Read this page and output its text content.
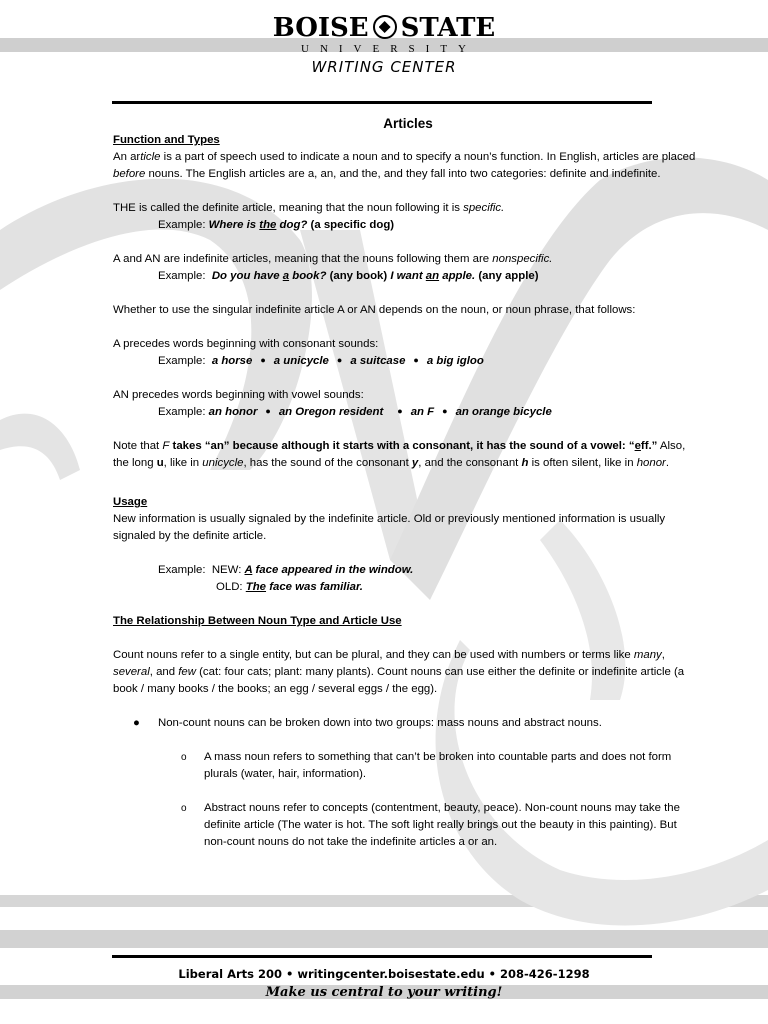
BOISE STATE
UNIVERSITY
WRITING CENTER

Articles

Function and Types

An article is a part of speech used to indicate a noun and to specify a noun’s function. In English, articles are placed before nouns. The English articles are a, an, and the, and they fall into two categories: definite and indefinite.

THE is called the definite article, meaning that the noun following it is specific.

Example: Where is the dog? (a specific dog)

A and AN are indefinite articles, meaning that the nouns following them are nonspecific.

Example: Do you have a book? (any book) I want an apple. (any apple)

Whether to use the singular indefinite article A or AN depends on the noun, or noun phrase, that follows:

A precedes words beginning with consonant sounds:

Example: a horse ● a unicycle ● a suitcase ● a big igloo

AN precedes words beginning with vowel sounds:

Example: an honor ● an Oregon resident ● an F ● an orange bicycle

Note that F takes “an” because although it starts with a consonant, it has the sound of a vowel: “eff.” Also, the long u, like in unicycle, has the sound of the consonant y, and the consonant h is often silent, like in honor.

Usage

New information is usually signaled by the indefinite article. Old or previously mentioned information is usually signaled by the definite article.

Example: NEW: A face appeared in the window.

OLD: The face was familiar.

The Relationship Between Noun Type and Article Use

Count nouns refer to a single entity, but can be plural, and they can be used with numbers or terms like many, several, and few (cat: four cats; plant: many plants). Count nouns can use either the definite or indefinite article (a book / many books / the books; an egg / several eggs / the egg).

● Non-count nouns can be broken down into two groups: mass nouns and abstract nouns.
o A mass noun refers to something that can’t be broken into countable parts and does not form plurals (water, hair, information).
o Abstract nouns refer to concepts (contentment, beauty, peace). Non-count nouns may take the definite article (The water is hot. The soft light really brings out the beauty in this painting). But non-count nouns do not take the indefinite articles a or an.
Liberal Arts 200 • writingcenter.boisestate.edu • 208-426-1298
Make us central to your writing!
